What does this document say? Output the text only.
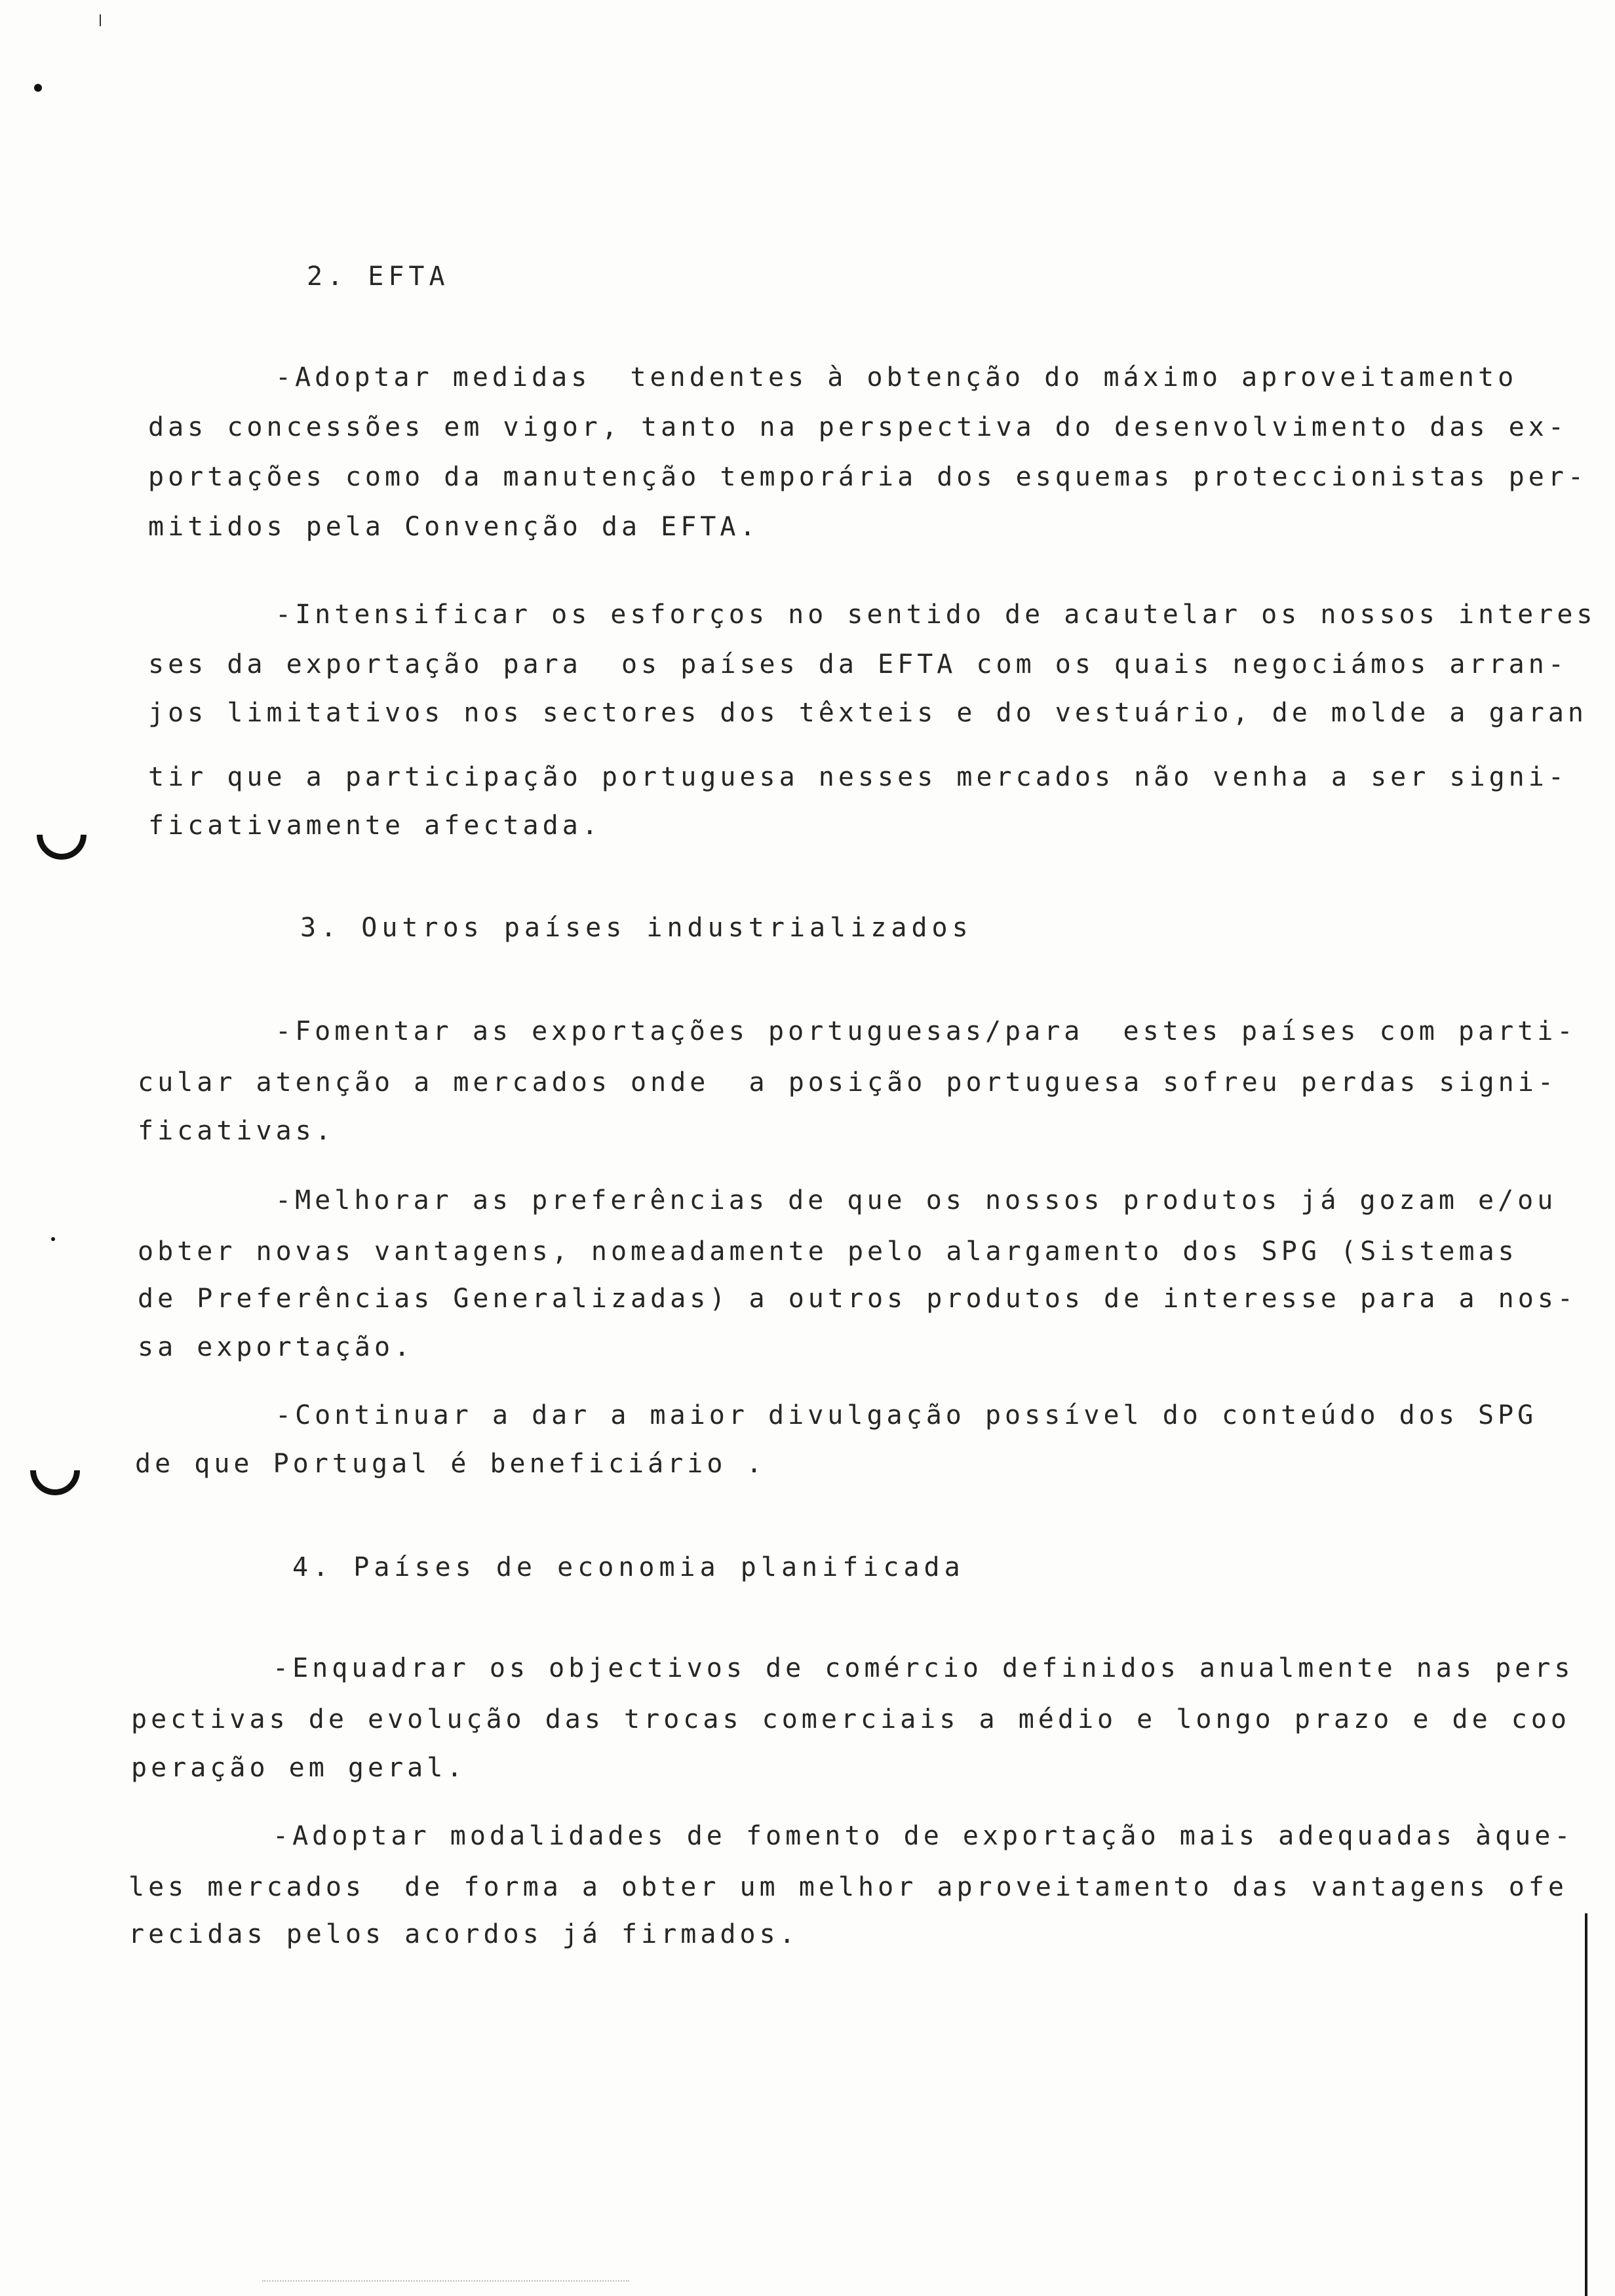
2. EFTA
-Adoptar medidas  tendentes à obtenção do máximo aproveitamento
das concessões em vigor, tanto na perspectiva do desenvolvimento das ex-
portações como da manutenção temporária dos esquemas proteccionistas per-
mitidos pela Convenção da EFTA.
-Intensificar os esforços no sentido de acautelar os nossos interes
ses da exportação para  os países da EFTA com os quais negociámos arran-
jos limitativos nos sectores dos têxteis e do vestuário, de molde a garan
tir que a participação portuguesa nesses mercados não venha a ser signi-
ficativamente afectada.
3. Outros países industrializados
-Fomentar as exportações portuguesas/para  estes países com parti-
cular atenção a mercados onde  a posição portuguesa sofreu perdas signi-
ficativas.
-Melhorar as preferências de que os nossos produtos já gozam e/ou
obter novas vantagens, nomeadamente pelo alargamento dos SPG (Sistemas
de Preferências Generalizadas) a outros produtos de interesse para a nos-
sa exportação.
-Continuar a dar a maior divulgação possível do conteúdo dos SPG
de que Portugal é beneficiário .
4. Países de economia planificada
-Enquadrar os objectivos de comércio definidos anualmente nas pers
pectivas de evolução das trocas comerciais a médio e longo prazo e de coo
peração em geral.
-Adoptar modalidades de fomento de exportação mais adequadas àque-
les mercados  de forma a obter um melhor aproveitamento das vantagens ofe
recidas pelos acordos já firmados.
